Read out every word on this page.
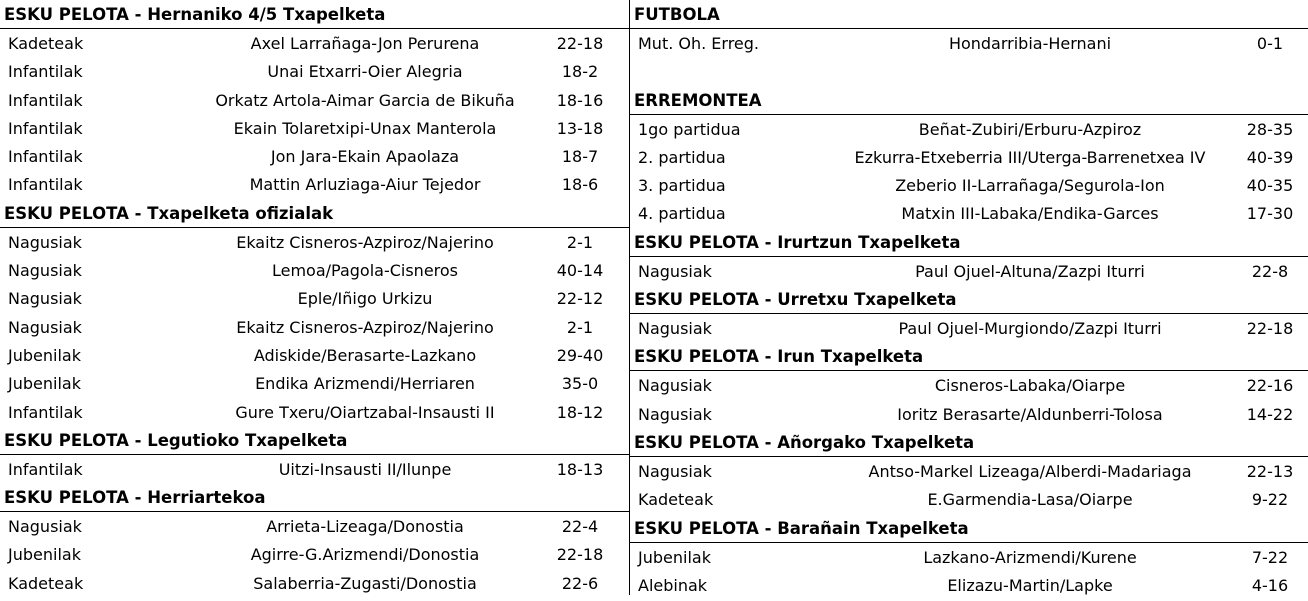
ESKU PELOTA - Hernaniko 4/5 Txapelketa
Kadeteak	Axel Larrañaga-Jon Perurena	22-18
Infantilak	Unai Etxarri-Oier Alegria	18-2
Infantilak	Orkatz Artola-Aimar Garcia de Bikuña	18-16
Infantilak	Ekain Tolaretxipi-Unax Manterola	13-18
Infantilak	Jon Jara-Ekain Apaolaza	18-7
Infantilak	Mattin Arluziaga-Aiur Tejedor	18-6
ESKU PELOTA - Txapelketa ofizialak
Nagusiak	Ekaitz Cisneros-Azpiroz/Najerino	2-1
Nagusiak	Lemoa/Pagola-Cisneros	40-14
Nagusiak	Eple/Iñigo Urkizu	22-12
Nagusiak	Ekaitz Cisneros-Azpiroz/Najerino	2-1
Jubenilak	Adiskide/Berasarte-Lazkano	29-40
Jubenilak	Endika Arizmendi/Herriaren	35-0
Infantilak	Gure Txeru/Oiartzabal-Insausti II	18-12
ESKU PELOTA - Legutioko Txapelketa
Infantilak	Uitzi-Insausti II/Ilunpe	18-13
ESKU PELOTA - Herriartekoa
Nagusiak	Arrieta-Lizeaga/Donostia	22-4
Jubenilak	Agirre-G.Arizmendi/Donostia	22-18
Kadeteak	Salaberria-Zugasti/Donostia	22-6
FUTBOLA
Mut. Oh. Erreg.	Hondarribia-Hernani	0-1
ERREMONTEA
1go partidua	Beñat-Zubiri/Erburu-Azpiroz	28-35
2. partidua	Ezkurra-Etxeberria III/Uterga-Barrenetxea IV	40-39
3. partidua	Zeberio II-Larrañaga/Segurola-Ion	40-35
4. partidua	Matxin III-Labaka/Endika-Garces	17-30
ESKU PELOTA - Irurtzun Txapelketa
Nagusiak	Paul Ojuel-Altuna/Zazpi Iturri	22-8
ESKU PELOTA - Urretxu Txapelketa
Nagusiak	Paul Ojuel-Murgiondo/Zazpi Iturri	22-18
ESKU PELOTA - Irun Txapelketa
Nagusiak	Cisneros-Labaka/Oiarpe	22-16
Nagusiak	Ioritz Berasarte/Aldunberri-Tolosa	14-22
ESKU PELOTA - Añorgako Txapelketa
Nagusiak	Antso-Markel Lizeaga/Alberdi-Madariaga	22-13
Kadeteak	E.Garmendia-Lasa/Oiarpe	9-22
ESKU PELOTA - Barañain Txapelketa
Jubenilak	Lazkano-Arizmendi/Kurene	7-22
Alebinak	Elizazu-Martin/Lapke	4-16
